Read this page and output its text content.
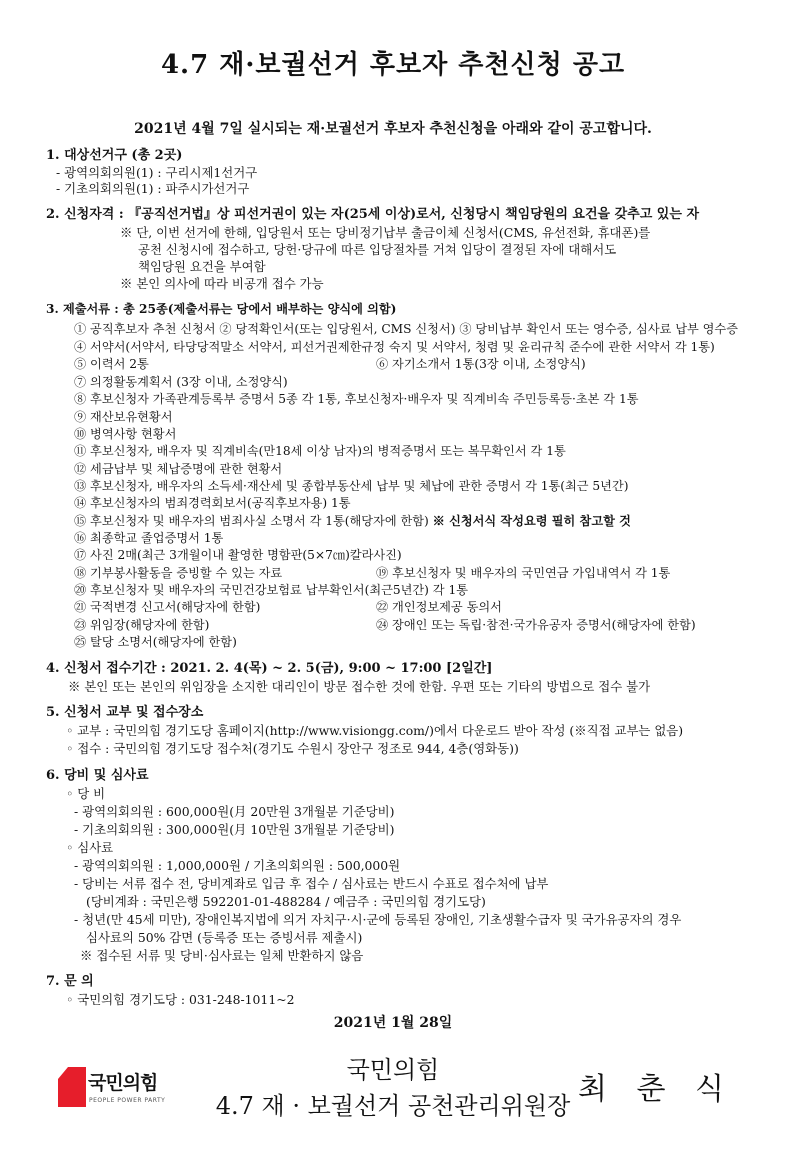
4.7 재·보궐선거 후보자 추천신청 공고
2021년 4월 7일 실시되는 재·보궐선거 후보자 추천신청을 아래와 같이 공고합니다.
1. 대상선거구 (총 2곳)
- 광역의회의원(1) : 구리시제1선거구
- 기초의회의원(1) : 파주시가선거구
2. 신청자격 : 『공직선거법』상 피선거권이 있는 자(25세 이상)로서, 신청당시 책임당원의 요건을 갖추고 있는 자
※ 단, 이번 선거에 한해, 입당원서 또는 당비정기납부 출금이체 신청서(CMS, 유선전화, 휴대폰)를
공천 신청시에 접수하고, 당헌·당규에 따른 입당절차를 거쳐 입당이 결정된 자에 대해서도
책임당원 요건을 부여함
※ 본인 의사에 따라 비공개 접수 가능
3. 제출서류 : 총 25종(제출서류는 당에서 배부하는 양식에 의함)
① 공직후보자 추천 신청서 ② 당적확인서(또는 입당원서, CMS 신청서) ③ 당비납부 확인서 또는 영수증, 심사료 납부 영수증
④ 서약서(서약서, 타당당적말소 서약서, 피선거권제한규정 숙지 및 서약서, 청렴 및 윤리규칙 준수에 관한 서약서 각 1통)
⑤ 이력서 2통	⑥ 자기소개서 1통(3장 이내, 소정양식)
⑦ 의정활동계획서 (3장 이내, 소정양식)
⑧ 후보신청자 가족관계등록부 증명서 5종 각 1통, 후보신청자·배우자 및 직계비속 주민등록등·초본 각 1통
⑨ 재산보유현황서
⑩ 병역사항 현황서
⑪ 후보신청자, 배우자 및 직계비속(만18세 이상 남자)의 병적증명서 또는 복무확인서 각 1통
⑫ 세금납부 및 체납증명에 관한 현황서
⑬ 후보신청자, 배우자의 소득세·재산세 및 종합부동산세 납부 및 체납에 관한 증명서 각 1통(최근 5년간)
⑭ 후보신청자의 범죄경력회보서(공직후보자용) 1통
⑮ 후보신청자 및 배우자의 범죄사실 소명서 각 1통(해당자에 한함) ※ 신청서식 작성요령 필히 참고할 것
⑯ 최종학교 졸업증명서 1통
⑰ 사진 2매(최근 3개월이내 촬영한 명함판(5×7㎝)칼라사진)
⑱ 기부봉사활동을 증빙할 수 있는 자료	⑲ 후보신청자 및 배우자의 국민연금 가입내역서 각 1통
⑳ 후보신청자 및 배우자의 국민건강보험료 납부확인서(최근5년간) 각 1통
㉑ 국적변경 신고서(해당자에 한함)	㉒ 개인정보제공 동의서
㉓ 위임장(해당자에 한함)	㉔ 장애인 또는 독립·참전·국가유공자 증명서(해당자에 한함)
㉕ 탈당 소명서(해당자에 한함)
4. 신청서 접수기간 : 2021. 2. 4(목) ~ 2. 5(금), 9:00 ~ 17:00 [2일간]
※ 본인 또는 본인의 위임장을 소지한 대리인이 방문 접수한 것에 한함. 우편 또는 기타의 방법으로 접수 불가
5. 신청서 교부 및 접수장소
◦ 교부 : 국민의힘 경기도당 홈페이지(http://www.visiongg.com/)에서 다운로드 받아 작성 (※직접 교부는 없음)
◦ 접수 : 국민의힘 경기도당 접수처(경기도 수원시 장안구 정조로 944, 4층(영화동))
6. 당비 및 심사료
◦ 당 비
- 광역의회의원 : 600,000원(月 20만원 3개월분 기준당비)
- 기초의회의원 : 300,000원(月 10만원 3개월분 기준당비)
◦ 심사료
- 광역의회의원 : 1,000,000원 / 기초의회의원 : 500,000원
- 당비는 서류 접수 전, 당비계좌로 입금 후 접수 / 심사료는 반드시 수표로 접수처에 납부
(당비계좌 : 국민은행 592201-01-488284 / 예금주 : 국민의힘 경기도당)
- 청년(만 45세 미만), 장애인복지법에 의거 자치구·시·군에 등록된 장애인, 기초생활수급자 및 국가유공자의 경우
심사료의 50% 감면 (등록증 또는 증빙서류 제출시)
※ 접수된 서류 및 당비·심사료는 일체 반환하지 않음
7. 문 의
◦ 국민의힘 경기도당 : 031-248-1011~2
2021년 1월 28일
국민의힘
PEOPLE POWER PARTY
국민의힘
4.7 재 · 보궐선거 공천관리위원장 최 춘 식
